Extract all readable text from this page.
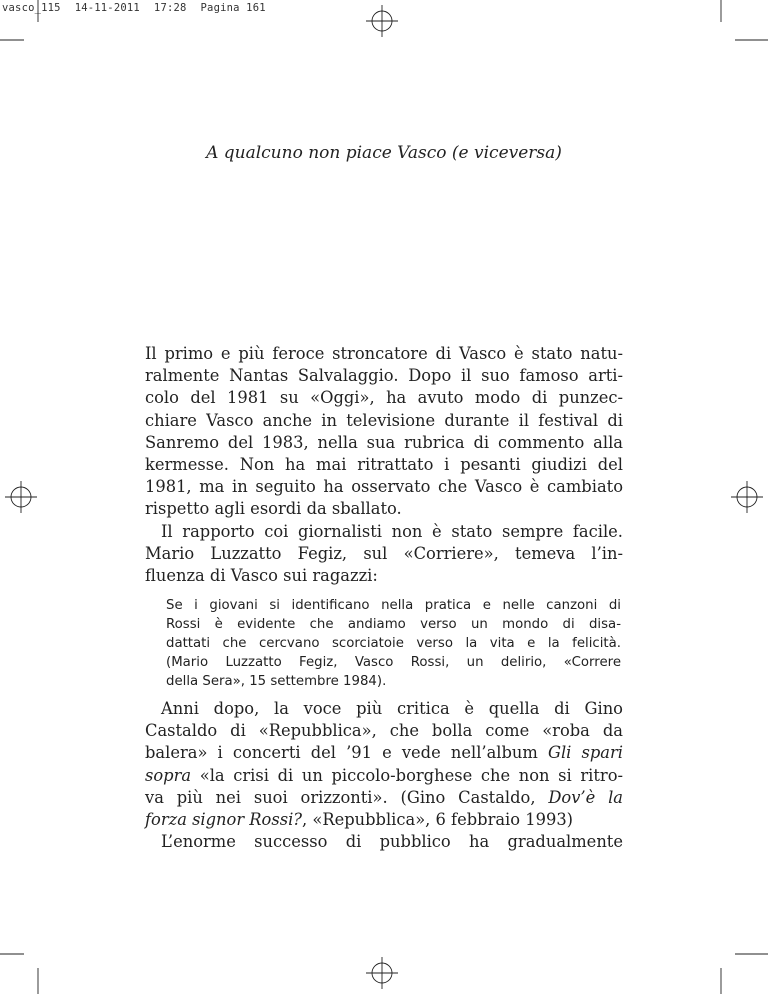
vasco_115 14-11-2011 17:28 Pagina 161
A qualcuno non piace Vasco (e viceversa)

Il primo e più feroce stroncatore di Vasco è stato natu-
ralmente Nantas Salvalaggio. Dopo il suo famoso arti-
colo del 1981 su «Oggi», ha avuto modo di punzec-
chiare Vasco anche in televisione durante il festival di
Sanremo del 1983, nella sua rubrica di commento alla
kermesse. Non ha mai ritrattato i pesanti giudizi del
1981, ma in seguito ha osservato che Vasco è cambiato
rispetto agli esordi da sballato.

Il rapporto coi giornalisti non è stato sempre facile.
Mario Luzzatto Fegiz, sul «Corriere», temeva l’in-
fluenza di Vasco sui ragazzi:

Se i giovani si identificano nella pratica e nelle canzoni di
Rossi è evidente che andiamo verso un mondo di disa-
dattati che cercvano scorciatoie verso la vita e la felicità.
(Mario Luzzatto Fegiz, Vasco Rossi, un delirio, «Correre
della Sera», 15 settembre 1984).

Anni dopo, la voce più critica è quella di Gino
Castaldo di «Repubblica», che bolla come «roba da
balera» i concerti del ’91 e vede nell’album Gli spari
sopra «la crisi di un piccolo-borghese che non si ritro-
va più nei suoi orizzonti». (Gino Castaldo, Dov’è la
forza signor Rossi?, «Repubblica», 6 febbraio 1993)

L’enorme successo di pubblico ha gradualmente
